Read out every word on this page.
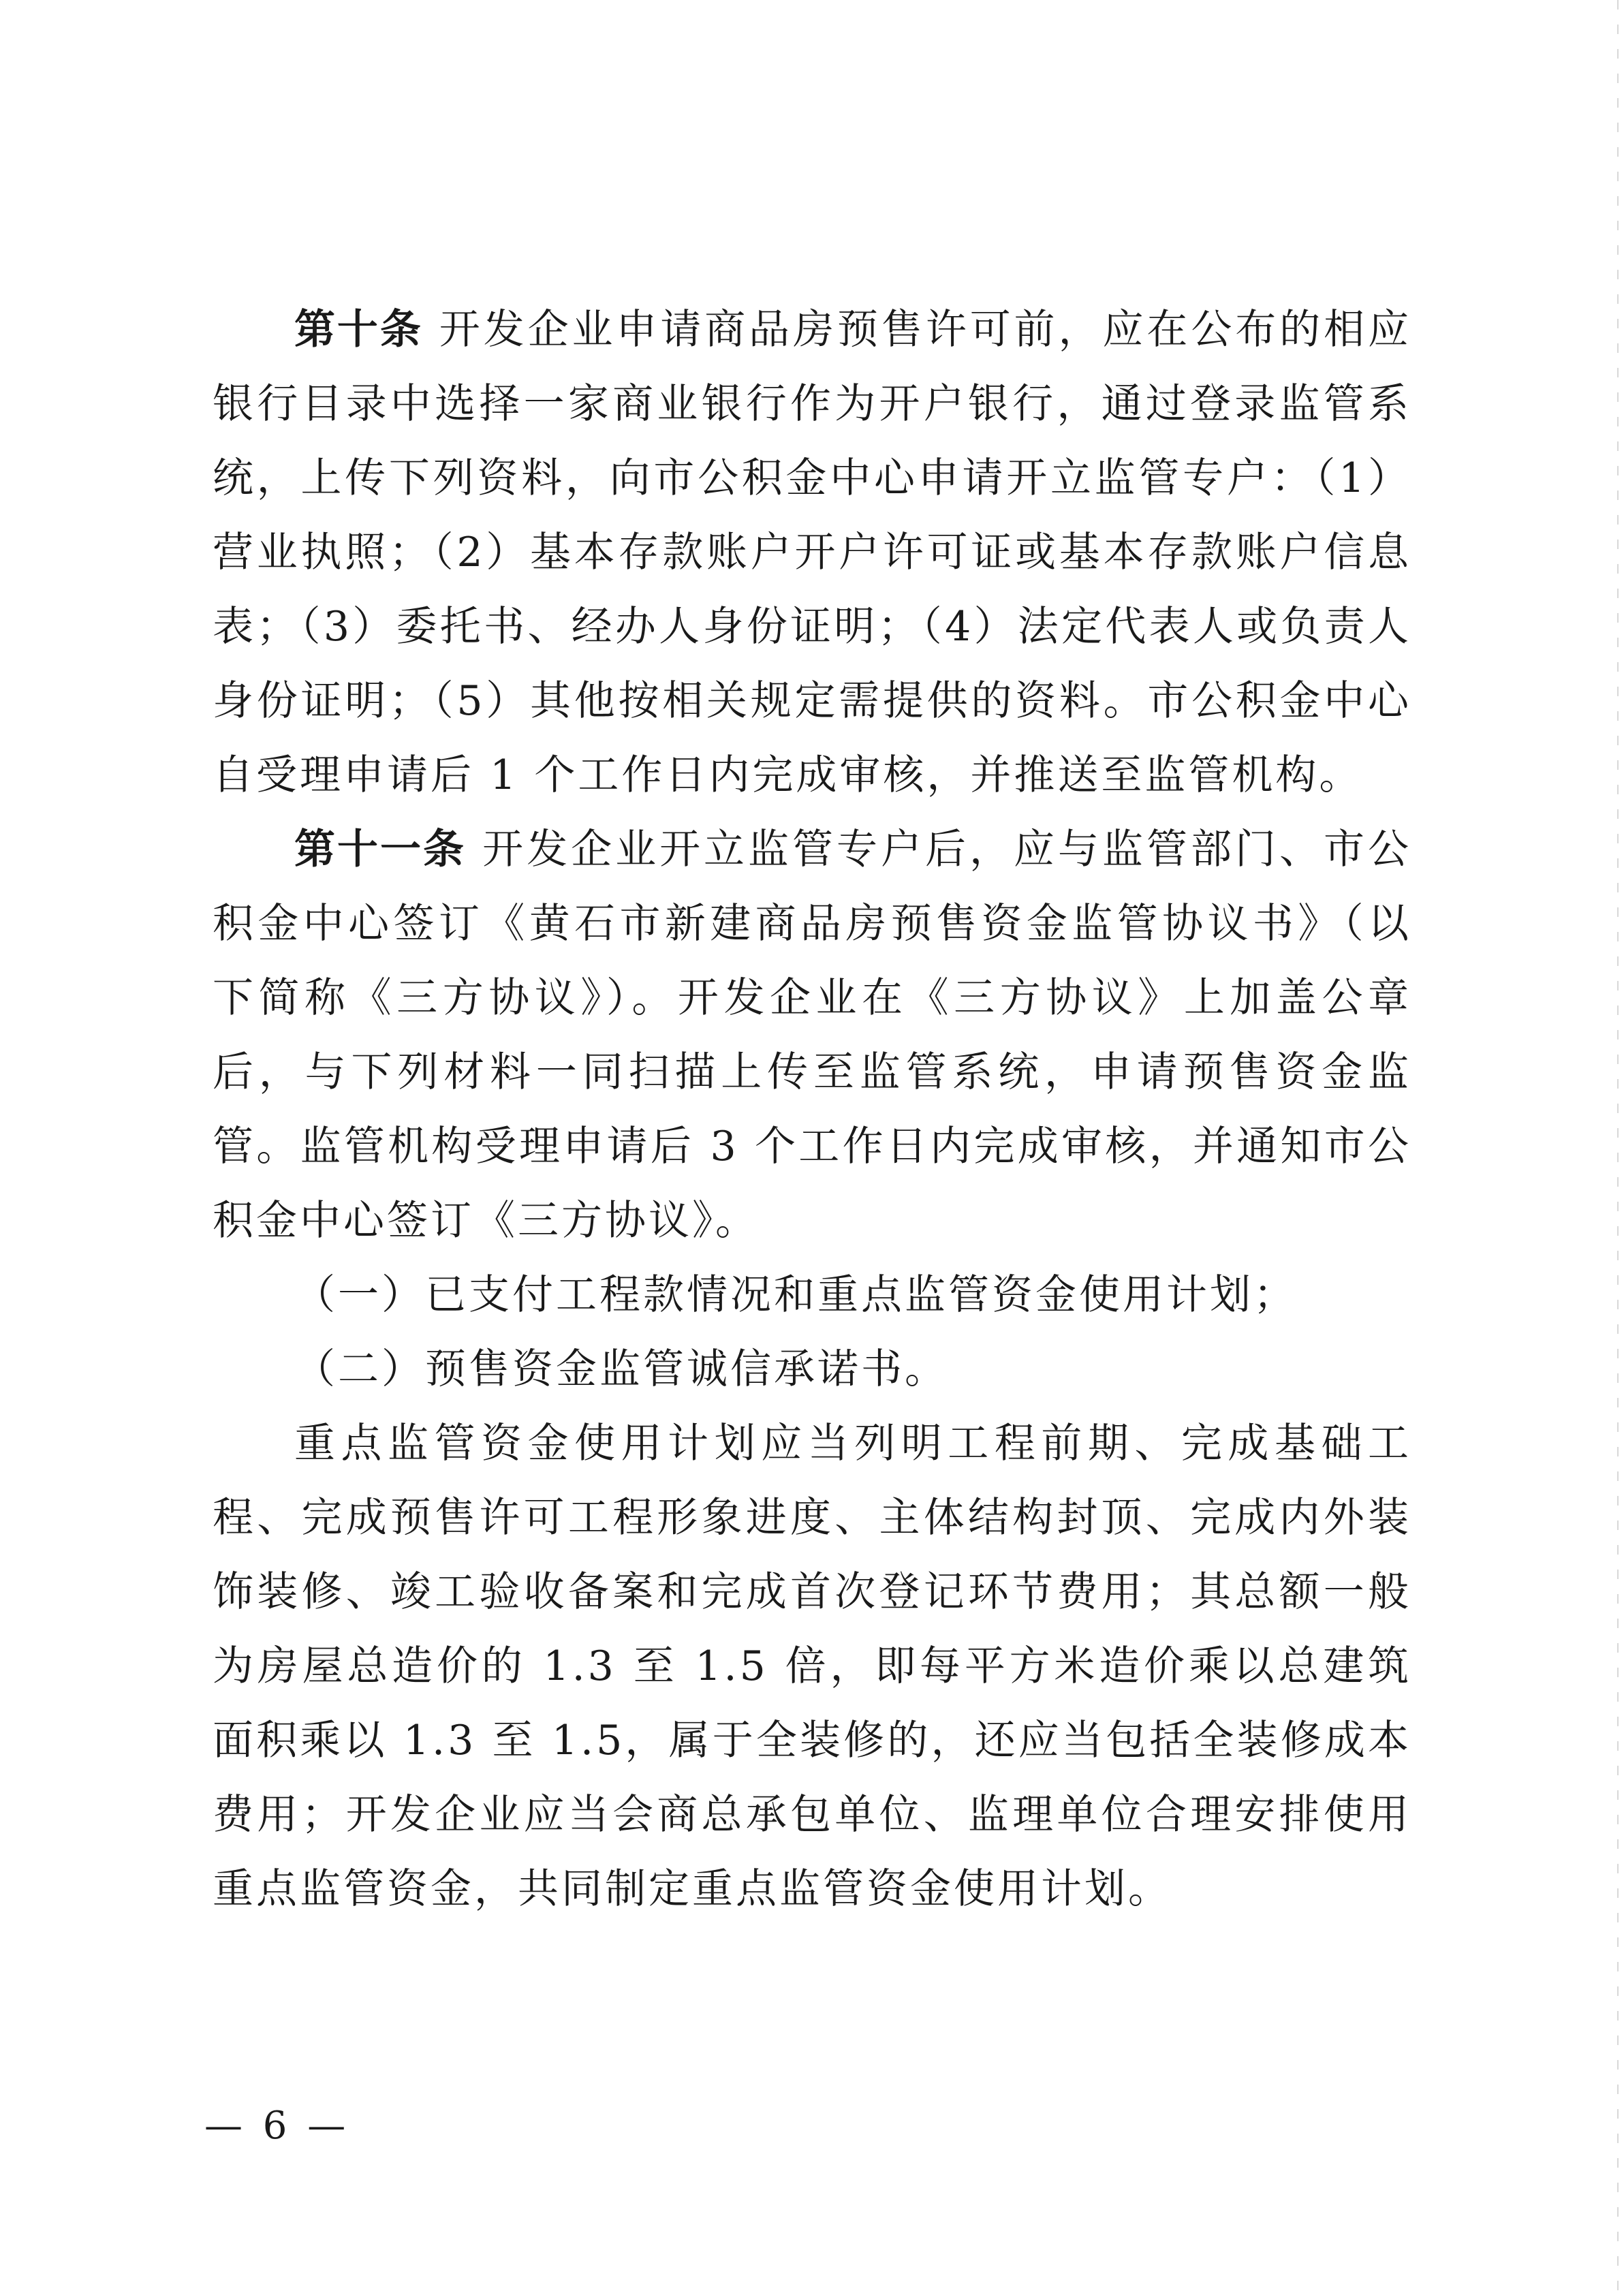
第十条 开发企业申请商品房预售许可前，应在公布的相应银行目录中选择一家商业银行作为开户银行，通过登录监管系统，上传下列资料，向市公积金中心申请开立监管专户：（1）营业执照；（2）基本存款账户开户许可证或基本存款账户信息表；（3）委托书、经办人身份证明；（4）法定代表人或负责人身份证明；（5）其他按相关规定需提供的资料。市公积金中心自受理申请后 1 个工作日内完成审核，并推送至监管机构。

第十一条 开发企业开立监管专户后，应与监管部门、市公积金中心签订《黄石市新建商品房预售资金监管协议书》（以下简称《三方协议》）。开发企业在《三方协议》上加盖公章后，与下列材料一同扫描上传至监管系统，申请预售资金监管。监管机构受理申请后 3 个工作日内完成审核，并通知市公积金中心签订《三方协议》。

（一）已支付工程款情况和重点监管资金使用计划；

（二）预售资金监管诚信承诺书。

重点监管资金使用计划应当列明工程前期、完成基础工程、完成预售许可工程形象进度、主体结构封顶、完成内外装饰装修、竣工验收备案和完成首次登记环节费用；其总额一般为房屋总造价的 1.3 至 1.5 倍，即每平方米造价乘以总建筑面积乘以 1.3 至 1.5，属于全装修的，还应当包括全装修成本费用；开发企业应当会商总承包单位、监理单位合理安排使用重点监管资金，共同制定重点监管资金使用计划。

— 6 —
